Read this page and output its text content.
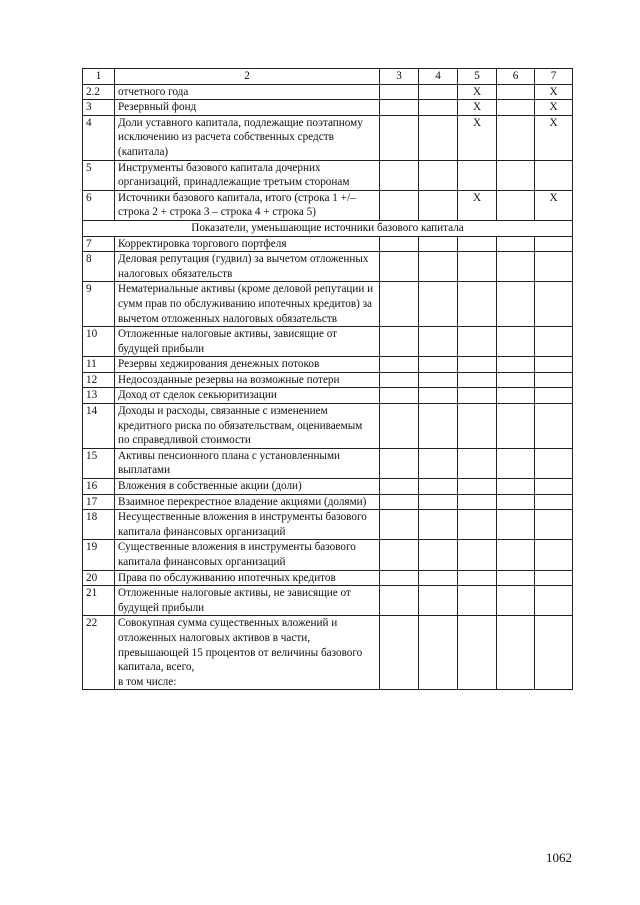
1	2	3	4	5	6	7
2.2	отчетного года			X		X
3	Резервный фонд			X		X
4	Доли уставного капитала, подлежащие поэтапному исключению из расчета собственных средств (капитала)			X		X
5	Инструменты базового капитала дочерних организаций, принадлежащие третьим сторонам					
6	Источники базового капитала, итого (строка 1 +/– строка 2 + строка 3 – строка 4 + строка 5)			X		X
Показатели, уменьшающие источники базового капитала						
7	Корректировка торгового портфеля					
8	Деловая репутация (гудвил) за вычетом отложенных налоговых обязательств					
9	Нематериальные активы (кроме деловой репутации и сумм прав по обслуживанию ипотечных кредитов) за вычетом отложенных налоговых обязательств					
10	Отложенные налоговые активы, зависящие от будущей прибыли					
11	Резервы хеджирования денежных потоков					
12	Недосозданные резервы на возможные потери					
13	Доход от сделок секьюритизации					
14	Доходы и расходы, связанные с изменением кредитного риска по обязательствам, оцениваемым по справедливой стоимости					
15	Активы пенсионного плана с установленными выплатами					
16	Вложения в собственные акции (доли)					
17	Взаимное перекрестное владение акциями (долями)					
18	Несущественные вложения в инструменты базового капитала финансовых организаций					
19	Существенные вложения в инструменты базового капитала финансовых организаций					
20	Права по обслуживанию ипотечных кредитов					
21	Отложенные налоговые активы, не зависящие от будущей прибыли					
22	Совокупная сумма существенных вложений и отложенных налоговых активов в части, превышающей 15 процентов от величины базового капитала, всего,
в том числе:					
1062
